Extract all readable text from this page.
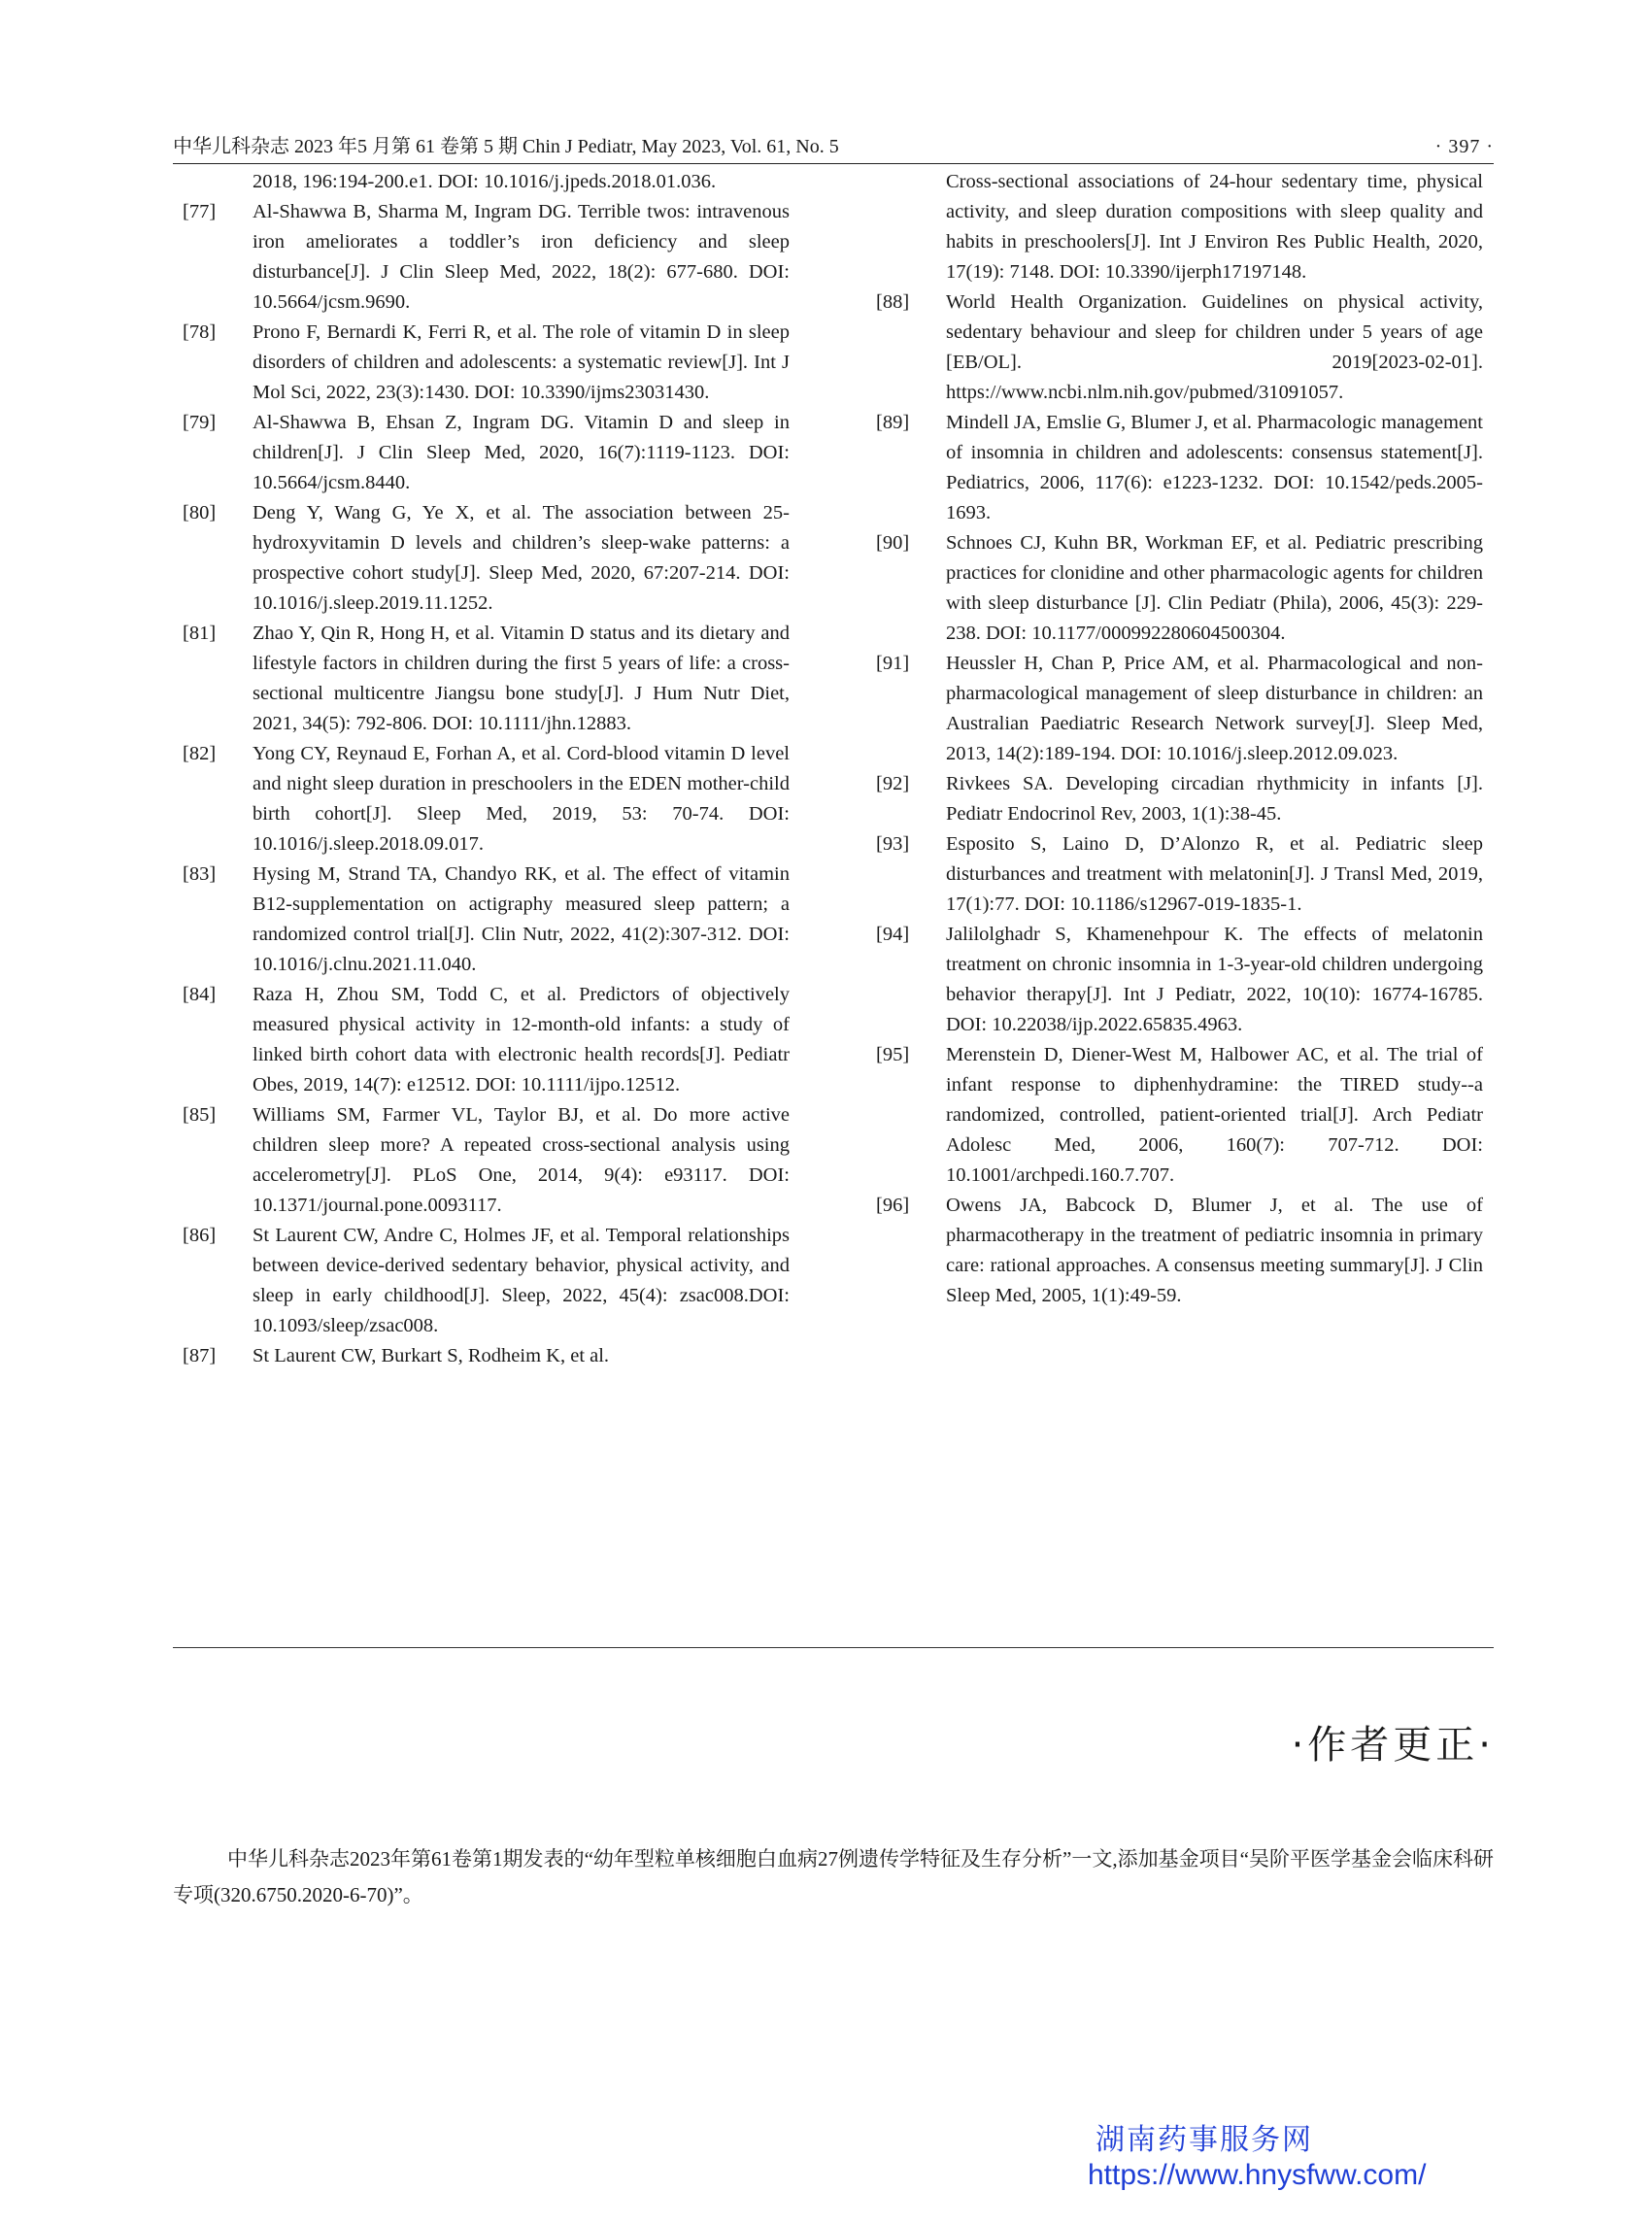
中华儿科杂志 2023 年5 月第 61 卷第 5 期 Chin J Pediatr, May 2023, Vol. 61, No. 5	· 397 ·
2018, 196:194-200.e1. DOI: 10.1016/j.jpeds.2018.01.036.
[77]	Al-Shawwa B, Sharma M, Ingram DG. Terrible twos: intravenous iron ameliorates a toddler’s iron deficiency and sleep disturbance[J]. J Clin Sleep Med, 2022, 18(2): 677-680. DOI: 10.5664/jcsm.9690.
[78]	Prono F, Bernardi K, Ferri R, et al. The role of vitamin D in sleep disorders of children and adolescents: a systematic review[J]. Int J Mol Sci, 2022, 23(3):1430. DOI: 10.3390/ijms23031430.
[79]	Al-Shawwa B, Ehsan Z, Ingram DG. Vitamin D and sleep in children[J]. J Clin Sleep Med, 2020, 16(7):1119-1123. DOI: 10.5664/jcsm.8440.
[80]	Deng Y, Wang G, Ye X, et al. The association between 25-hydroxyvitamin D levels and children’s sleep-wake patterns: a prospective cohort study[J]. Sleep Med, 2020, 67:207-214. DOI: 10.1016/j.sleep.2019.11.1252.
[81]	Zhao Y, Qin R, Hong H, et al. Vitamin D status and its dietary and lifestyle factors in children during the first 5 years of life: a cross-sectional multicentre Jiangsu bone study[J]. J Hum Nutr Diet, 2021, 34(5): 792-806. DOI: 10.1111/jhn.12883.
[82]	Yong CY, Reynaud E, Forhan A, et al. Cord-blood vitamin D level and night sleep duration in preschoolers in the EDEN mother-child birth cohort[J]. Sleep Med, 2019, 53: 70-74. DOI: 10.1016/j.sleep.2018.09.017.
[83]	Hysing M, Strand TA, Chandyo RK, et al. The effect of vitamin B12-supplementation on actigraphy measured sleep pattern; a randomized control trial[J]. Clin Nutr, 2022, 41(2):307-312. DOI: 10.1016/j.clnu.2021.11.040.
[84]	Raza H, Zhou SM, Todd C, et al. Predictors of objectively measured physical activity in 12-month-old infants: a study of linked birth cohort data with electronic health records[J]. Pediatr Obes, 2019, 14(7): e12512. DOI: 10.1111/ijpo.12512.
[85]	Williams SM, Farmer VL, Taylor BJ, et al. Do more active children sleep more? A repeated cross-sectional analysis using accelerometry[J]. PLoS One, 2014, 9(4): e93117. DOI: 10.1371/journal.pone.0093117.
[86]	St Laurent CW, Andre C, Holmes JF, et al. Temporal relationships between device-derived sedentary behavior, physical activity, and sleep in early childhood[J]. Sleep, 2022, 45(4): zsac008.DOI: 10.1093/sleep/zsac008.
[87]	St Laurent CW, Burkart S, Rodheim K, et al.
Cross-sectional associations of 24-hour sedentary time, physical activity, and sleep duration compositions with sleep quality and habits in preschoolers[J]. Int J Environ Res Public Health, 2020, 17(19): 7148. DOI: 10.3390/ijerph17197148.
[88]	World Health Organization. Guidelines on physical activity, sedentary behaviour and sleep for children under 5 years of age [EB/OL]. 2019[2023-02-01]. https://www.ncbi.nlm.nih.gov/pubmed/31091057.
[89]	Mindell JA, Emslie G, Blumer J, et al. Pharmacologic management of insomnia in children and adolescents: consensus statement[J]. Pediatrics, 2006, 117(6): e1223-1232. DOI: 10.1542/peds.2005-1693.
[90]	Schnoes CJ, Kuhn BR, Workman EF, et al. Pediatric prescribing practices for clonidine and other pharmacologic agents for children with sleep disturbance [J]. Clin Pediatr (Phila), 2006, 45(3): 229-238. DOI: 10.1177/000992280604500304.
[91]	Heussler H, Chan P, Price AM, et al. Pharmacological and non-pharmacological management of sleep disturbance in children: an Australian Paediatric Research Network survey[J]. Sleep Med, 2013, 14(2):189-194. DOI: 10.1016/j.sleep.2012.09.023.
[92]	Rivkees SA. Developing circadian rhythmicity in infants [J]. Pediatr Endocrinol Rev, 2003, 1(1):38-45.
[93]	Esposito S, Laino D, D’Alonzo R, et al. Pediatric sleep disturbances and treatment with melatonin[J]. J Transl Med, 2019, 17(1):77. DOI: 10.1186/s12967-019-1835-1.
[94]	Jalilolghadr S, Khamenehpour K. The effects of melatonin treatment on chronic insomnia in 1-3-year-old children undergoing behavior therapy[J]. Int J Pediatr, 2022, 10(10): 16774-16785. DOI: 10.22038/ijp.2022.65835.4963.
[95]	Merenstein D, Diener-West M, Halbower AC, et al. The trial of infant response to diphenhydramine: the TIRED study--a randomized, controlled, patient-oriented trial[J]. Arch Pediatr Adolesc Med, 2006, 160(7): 707-712. DOI: 10.1001/archpedi.160.7.707.
[96]	Owens JA, Babcock D, Blumer J, et al. The use of pharmacotherapy in the treatment of pediatric insomnia in primary care: rational approaches. A consensus meeting summary[J]. J Clin Sleep Med, 2005, 1(1):49-59.
·作者更正·
中华儿科杂志2023年第61卷第1期发表的“幼年型粒单核细胞白血病27例遗传学特征及生存分析”一文,添加基金项目“吴阶平医学基金会临床科研专项(320.6750.2020-6-70)”。
湖南药事服务网
https://www.hnysfww.com/
